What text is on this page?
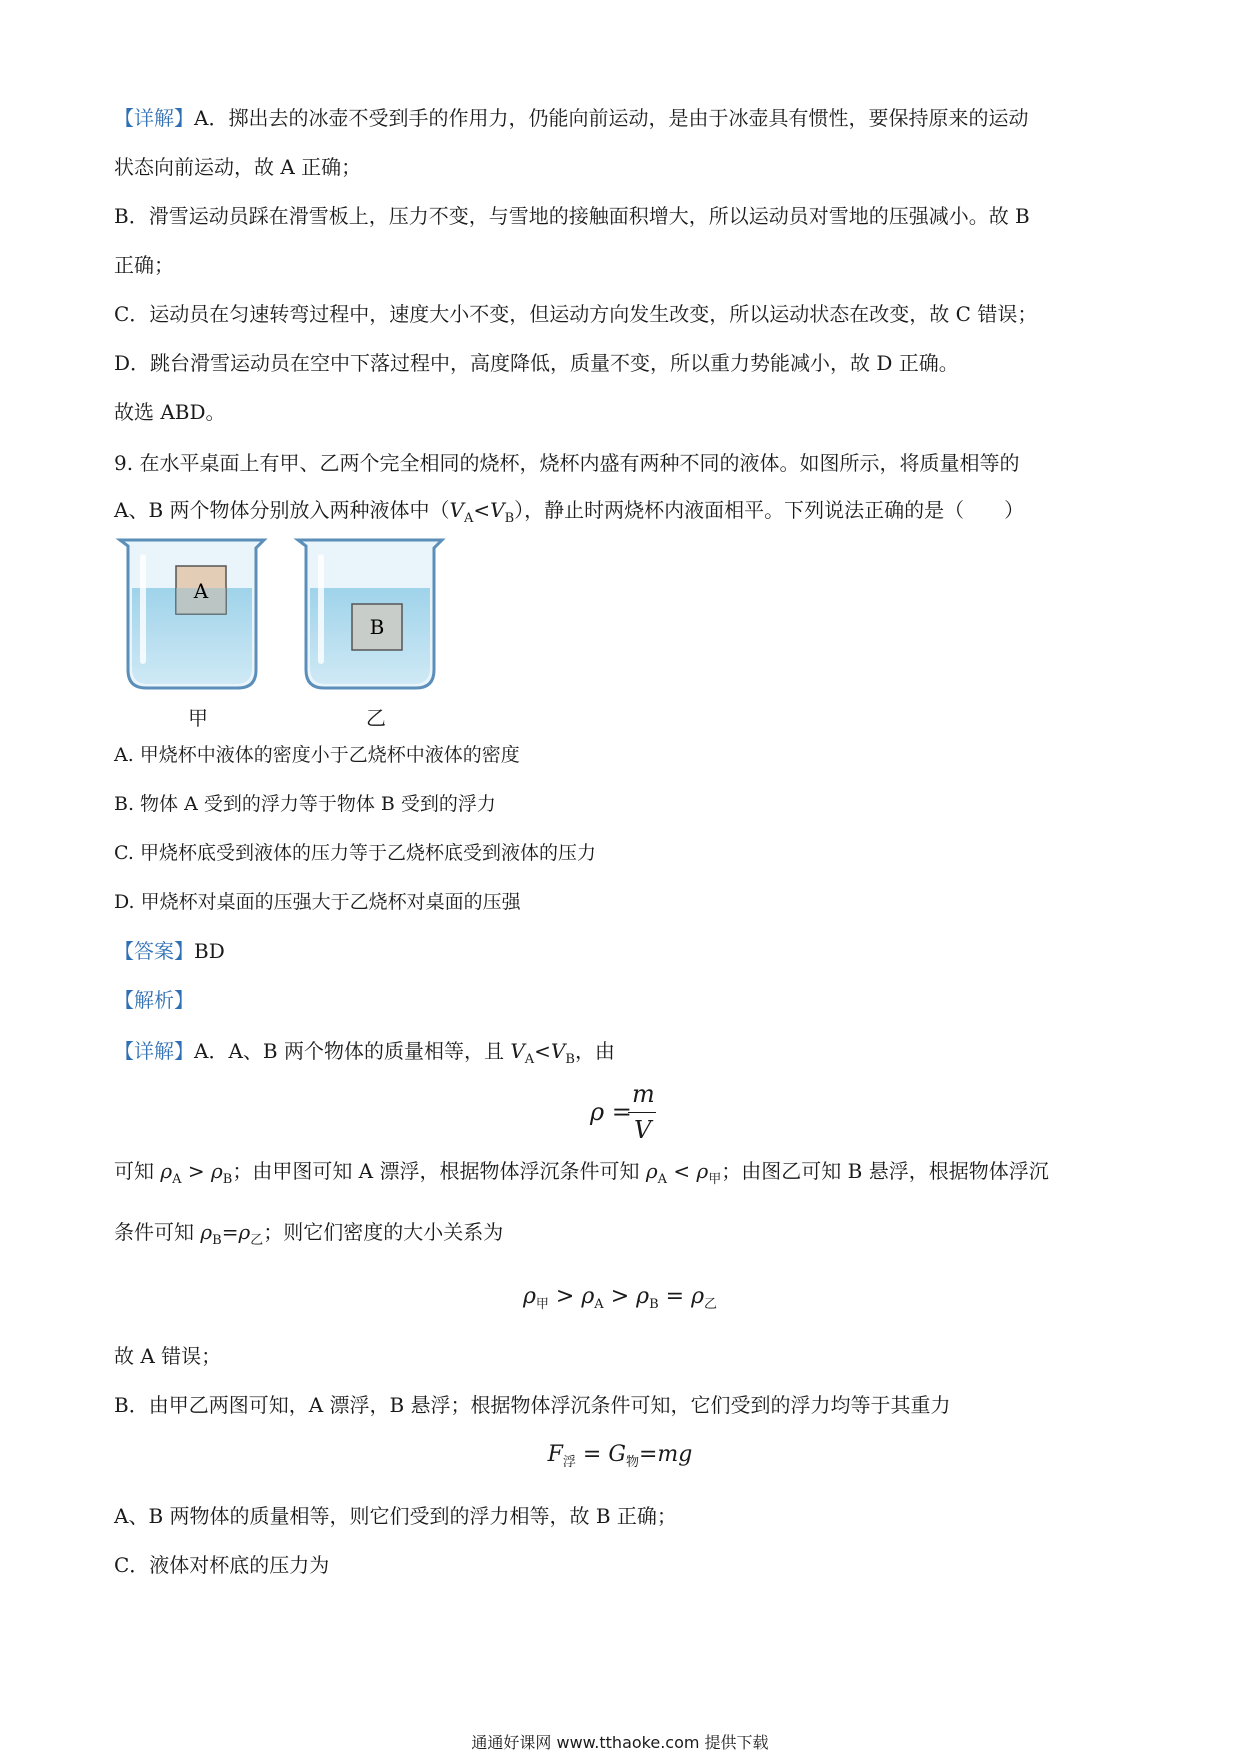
【详解】A．掷出去的冰壶不受到手的作用力，仍能向前运动，是由于冰壶具有惯性，要保持原来的运动
状态向前运动，故 A 正确；
B．滑雪运动员踩在滑雪板上，压力不变，与雪地的接触面积增大，所以运动员对雪地的压强减小。故 B
正确；
C．运动员在匀速转弯过程中，速度大小不变，但运动方向发生改变，所以运动状态在改变，故 C 错误；
D．跳台滑雪运动员在空中下落过程中，高度降低，质量不变，所以重力势能减小，故 D 正确。
故选 ABD。
9. 在水平桌面上有甲、乙两个完全相同的烧杯，烧杯内盛有两种不同的液体。如图所示，将质量相等的
A、B 两个物体分别放入两种液体中$(V_A<V_B)$，静止时两烧杯内液面相平。下列说法正确的是（　　）
A
B
甲	乙
A. 甲烧杯中液体的密度小于乙烧杯中液体的密度
B. 物体 A 受到的浮力等于物体 B 受到的浮力
C. 甲烧杯底受到液体的压力等于乙烧杯底受到液体的压力
D. 甲烧杯对桌面的压强大于乙烧杯对桌面的压强
【答案】BD
【解析】
【详解】A．A、B 两个物体的质量相等，且 $V_A<V_B$，由
ρ =
m
V
可知 $\rho_A > \rho_B$；由甲图可知 A 漂浮，根据物体浮沉条件可知 $\rho_A < \rho_甲$；由图乙可知 B 悬浮，根据物体浮沉
条件可知 $\rho_B=\rho_乙$；则它们密度的大小关系为
$\rho_甲 > \rho_A > \rho_B = \rho_乙$
故 A 错误；
B．由甲乙两图可知，A 漂浮，B 悬浮；根据物体浮沉条件可知，它们受到的浮力均等于其重力
$F_浮 = G_物=mg$
A、B 两物体的质量相等，则它们受到的浮力相等，故 B 正确；
C．液体对杯底的压力为
通通好课网 www.tthaoke.com 提供下载
